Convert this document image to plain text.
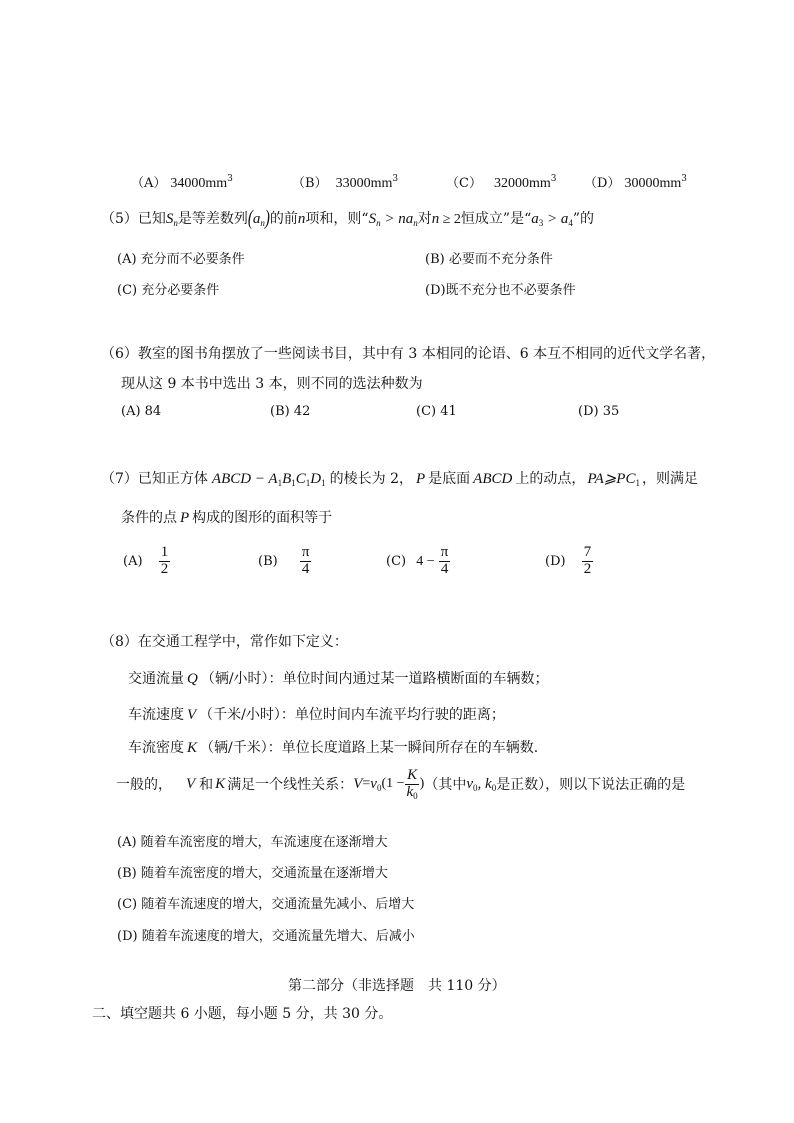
（A） $34000mm^3$	（B） $33000mm^3$	（C） $32000mm^3$ （D） $30000mm^3$
（5）已知$S_n$是等差数列$(a_n)$的前n项和，则“$S_n > na_n$对n ≥ 2恒成立”是“$a_3 > a_4$”的
(A) 充分而不必要条件	(B) 必要而不充分条件
(C) 充分必要条件	(D)既不充分也不必要条件
（6）教室的图书角摆放了一些阅读书目，其中有 3 本相同的论语、6 本互不相同的近代文学名著，
现从这 9 本书中选出 3 本，则不同的选法种数为
(A) 84	(B) 42	(C) 41	(D) 35
（7）已知正方体 ABCD − $A_1B_1C_1D_1$ 的棱长为 2， P 是底面 ABCD 上的动点， $PA⩾PC_1$ ，则满足
条件的点 P 构成的图形的面积等于
$(A) \frac{1}{2}$	$(B) \frac{\pi}{4}$	(C) $4 - \frac{\pi}{4}$	$(D) \frac{7}{2}$
（8）在交通工程学中，常作如下定义：
交通流量 Q （辆/小时）：单位时间内通过某一道路横断面的车辆数；
车流速度 V （千米/小时）：单位时间内车流平均行驶的距离；
车流密度 K （辆/千米）：单位长度道路上某一瞬间所存在的车辆数.
一般的， V 和 K 满足一个线性关系： $V = v_0$ ($1 - \frac{K}{k_0}$ ) （其中 $v_0$, $k_0$ 是正数），则以下说法正确的是
(A) 随着车流密度的增大，车流速度在逐渐增大
(B) 随着车流密度的增大，交通流量在逐渐增大
(C) 随着车流速度的增大，交通流量先减小、后增大
(D) 随着车流速度的增大，交通流量先增大、后减小
第二部分（非选择题　共 110 分）
二、填空题共 6 小题，每小题 5 分，共 30 分。
